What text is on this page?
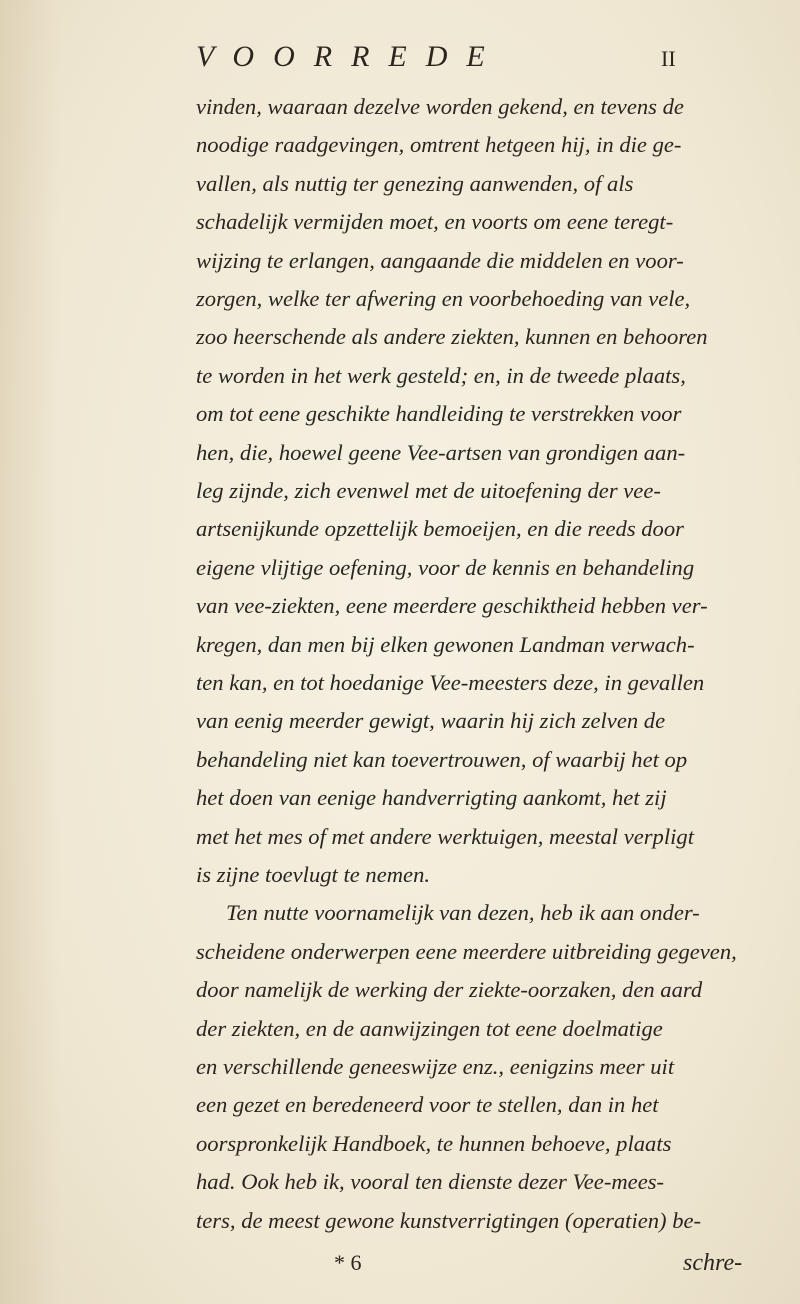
VOORREDE	II
vinden, waaraan dezelve worden gekend, en tevens de
noodige raadgevingen, omtrent hetgeen hij, in die ge-
vallen, als nuttig ter genezing aanwenden, of als
schadelijk vermijden moet, en voorts om eene teregt-
wijzing te erlangen, aangaande die middelen en voor-
zorgen, welke ter afwering en voorbehoeding van vele,
zoo heerschende als andere ziekten, kunnen en behooren
te worden in het werk gesteld; en, in de tweede plaats,
om tot eene geschikte handleiding te verstrekken voor
hen, die, hoewel geene Vee-artsen van grondigen aan-
leg zijnde, zich evenwel met de uitoefening der vee-
artsenijkunde opzettelijk bemoeijen, en die reeds door
eigene vlijtige oefening, voor de kennis en behandeling
van vee-ziekten, eene meerdere geschiktheid hebben ver-
kregen, dan men bij elken gewonen Landman verwach-
ten kan, en tot hoedanige Vee-meesters deze, in gevallen
van eenig meerder gewigt, waarin hij zich zelven de
behandeling niet kan toevertrouwen, of waarbij het op
het doen van eenige handverrigting aankomt, het zij
met het mes of met andere werktuigen, meestal verpligt
is zijne toevlugt te nemen.
Ten nutte voornamelijk van dezen, heb ik aan onder-
scheidene onderwerpen eene meerdere uitbreiding gegeven,
door namelijk de werking der ziekte-oorzaken, den aard
der ziekten, en de aanwijzingen tot eene doelmatige
en verschillende geneeswijze enz., eenigzins meer uit
een gezet en beredeneerd voor te stellen, dan in het
oorspronkelijk Handboek, te hunnen behoeve, plaats
had. Ook heb ik, vooral ten dienste dezer Vee-mees-
ters, de meest gewone kunstverrigtingen (operatien) be-
* 6	schre-
